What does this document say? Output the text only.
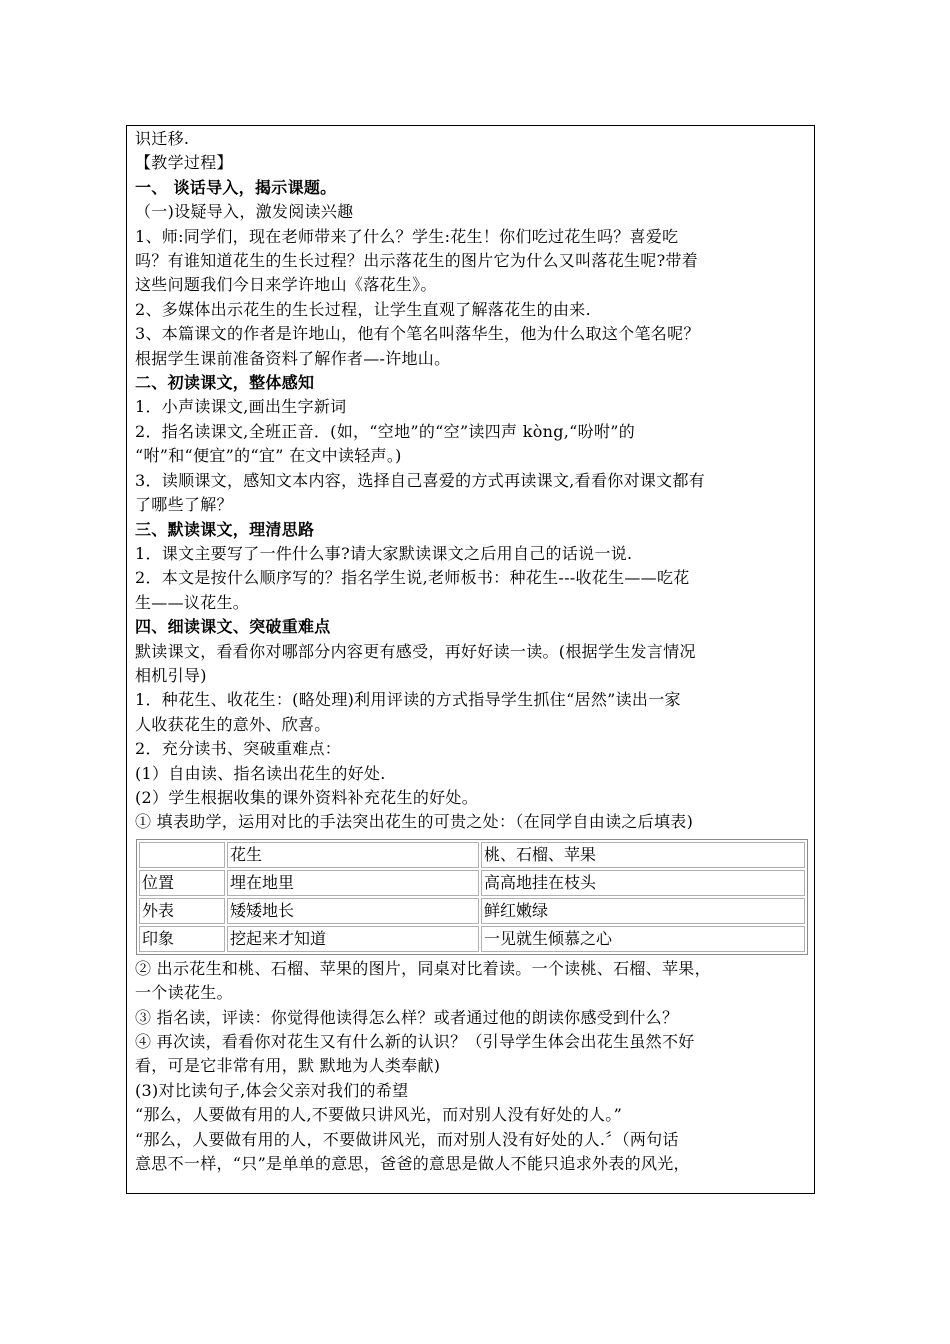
识迁移.
【教学过程】
一、 谈话导入，揭示课题。
（一)设疑导入，激发阅读兴趣
1、师:同学们，现在老师带来了什么？学生:花生！你们吃过花生吗？喜爱吃
吗？有谁知道花生的生长过程？出示落花生的图片它为什么又叫落花生呢?带着
这些问题我们今日来学许地山《落花生》。
2、多媒体出示花生的生长过程，让学生直观了解落花生的由来.
3、本篇课文的作者是许地山，他有个笔名叫落华生，他为什么取这个笔名呢？
根据学生课前准备资料了解作者—-许地山。
二、初读课文，整体感知
1．小声读课文,画出生字新词
2．指名读课文,全班正音．(如，“空地”的“空”读四声 kòng,“吩咐”的
“咐”和“便宜”的“宜” 在文中读轻声。)
3．读顺课文，感知文本内容，选择自己喜爱的方式再读课文,看看你对课文都有
了哪些了解？
三、默读课文，理清思路
1．课文主要写了一件什么事?请大家默读课文之后用自己的话说一说.
2．本文是按什么顺序写的？指名学生说,老师板书：种花生---收花生——吃花
生——议花生。
四、细读课文、突破重难点
默读课文，看看你对哪部分内容更有感受，再好好读一读。(根据学生发言情况
相机引导)
1．种花生、收花生：(略处理)利用评读的方式指导学生抓住“居然”读出一家
人收获花生的意外、欣喜。
2．充分读书、突破重难点：
(1）自由读、指名读出花生的好处.
(2）学生根据收集的课外资料补充花生的好处。
① 填表助学，运用对比的手法突出花生的可贵之处：（在同学自由读之后填表)
	花生	桃、石榴、苹果
位置	埋在地里	高高地挂在枝头
外表	矮矮地长	鲜红嫩绿
印象	挖起来才知道	一见就生倾慕之心
② 出示花生和桃、石榴、苹果的图片，同桌对比着读。一个读桃、石榴、苹果，
一个读花生。
③ 指名读，评读：你觉得他读得怎么样？或者通过他的朗读你感受到什么？
④ 再次读，看看你对花生又有什么新的认识？（引导学生体会出花生虽然不好
看，可是它非常有用，默 默地为人类奉献)
(3)对比读句子,体会父亲对我们的希望
“那么，人要做有用的人,不要做只讲风光，而对别人没有好处的人。”
“那么，人要做有用的人，不要做讲风光，而对别人没有好处的人.〞（两句话
意思不一样，“只”是单单的意思，爸爸的意思是做人不能只追求外表的风光，
